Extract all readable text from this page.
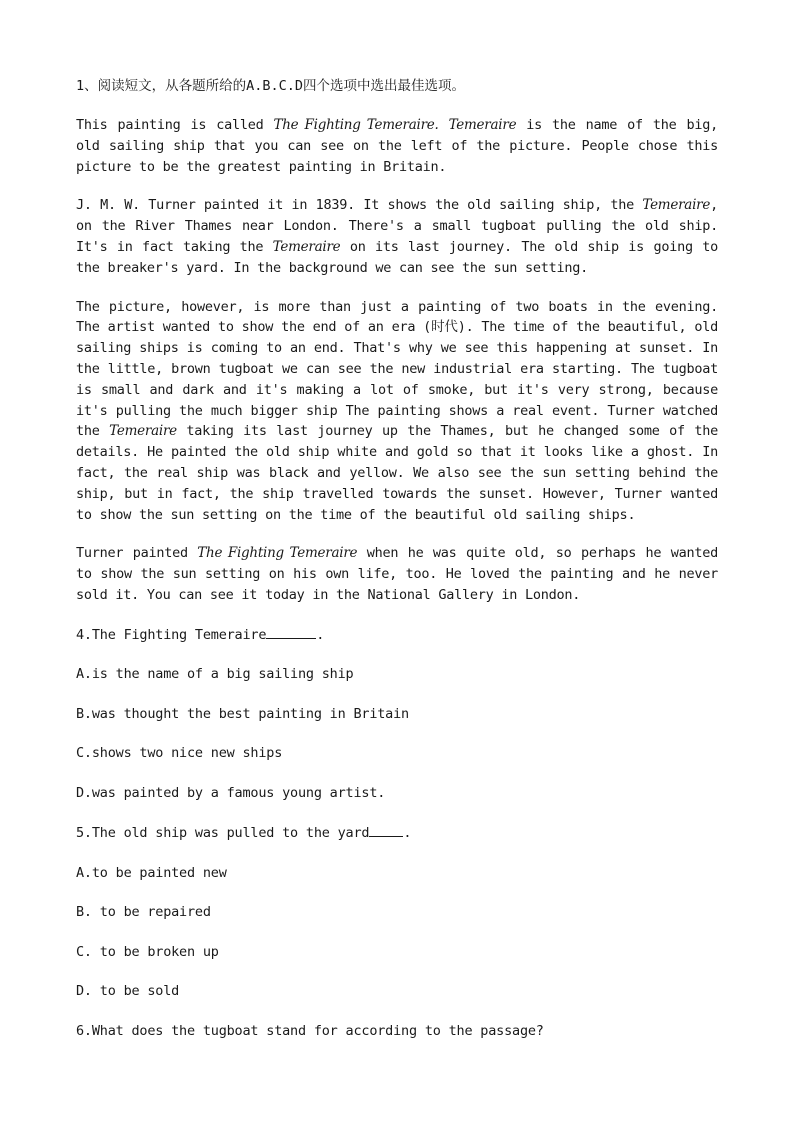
1、阅读短文，从各题所给的A.B.C.D四个选项中选出最佳选项。

This painting is called The Fighting Temeraire. Temeraire is the name of the big, old sailing ship that you can see on the left of the picture. People chose this picture to be the greatest painting in Britain.

J. M. W. Turner painted it in 1839. It shows the old sailing ship, the Temeraire, on the River Thames near London. There's a small tugboat pulling the old ship. It's in fact taking the Temeraire on its last journey. The old ship is going to the breaker's yard. In the background we can see the sun setting.

The picture, however, is more than just a painting of two boats in the evening. The artist wanted to show the end of an era (时代). The time of the beautiful, old sailing ships is coming to an end. That's why we see this happening at sunset. In the little, brown tugboat we can see the new industrial era starting. The tugboat is small and dark and it's making a lot of smoke, but it's very strong, because it's pulling the much bigger ship The painting shows a real event. Turner watched the Temeraire taking its last journey up the Thames, but he changed some of the details. He painted the old ship white and gold so that it looks like a ghost. In fact, the real ship was black and yellow. We also see the sun setting behind the ship, but in fact, the ship travelled towards the sunset. However, Turner wanted to show the sun setting on the time of the beautiful old sailing ships.

Turner painted The Fighting Temeraire when he was quite old, so perhaps he wanted to show the sun setting on his own life, too. He loved the painting and he never sold it. You can see it today in the National Gallery in London.

4.The Fighting Temeraire	.
A.is the name of a big sailing ship
B.was thought the best painting in Britain
C.shows two nice new ships
D.was painted by a famous young artist.
5.The old ship was pulled to the yard	.
A.to be painted new
B. to be repaired
C. to be broken up
D. to be sold
6.What does the tugboat stand for according to the passage?
